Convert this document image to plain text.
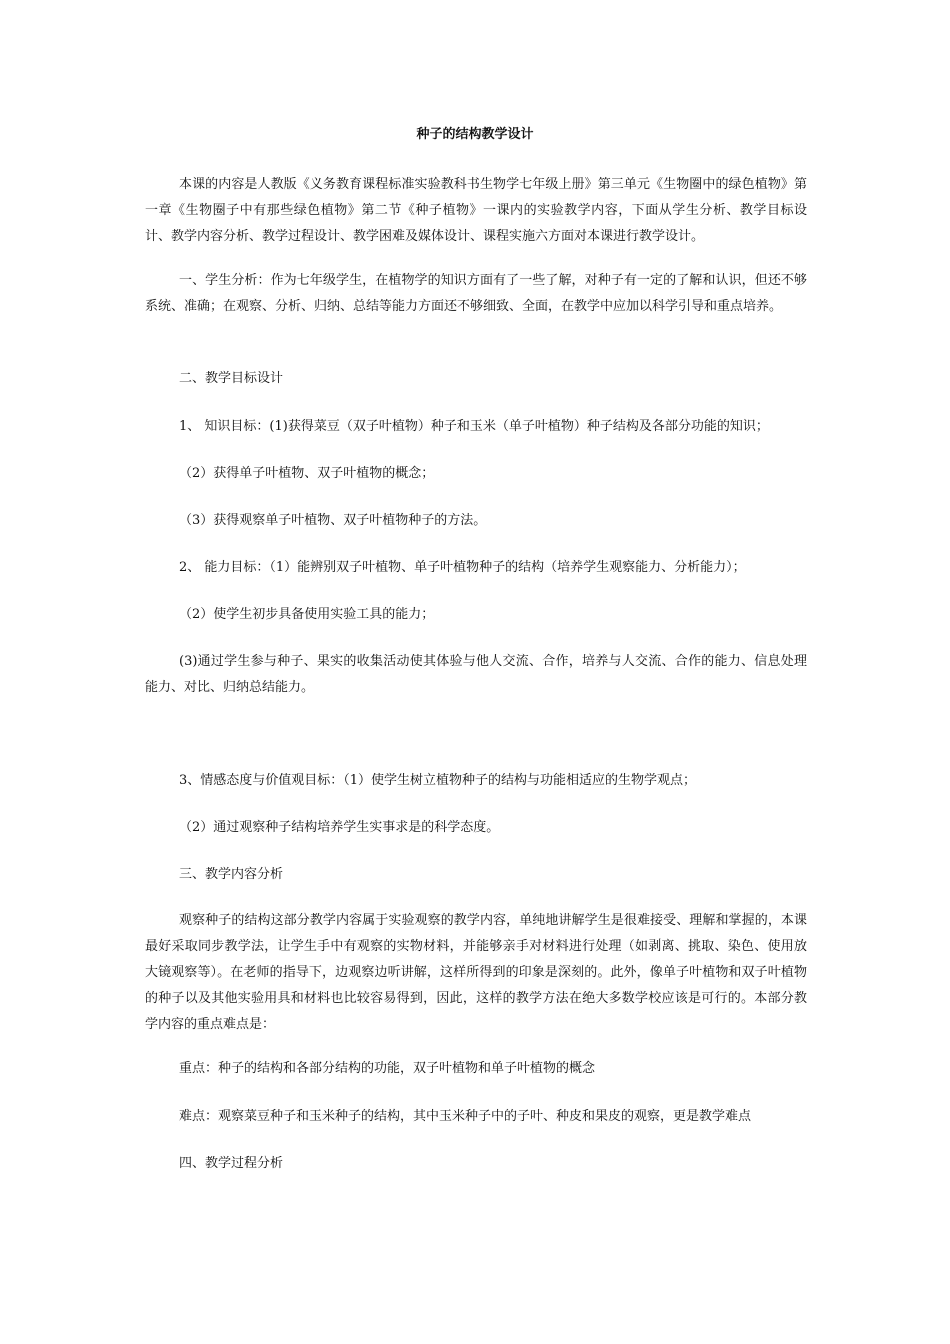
种子的结构教学设计

本课的内容是人教版《义务教育课程标准实验教科书生物学七年级上册》第三单元《生物圈中的绿色植物》第一章《生物圈子中有那些绿色植物》第二节《种子植物》一课内的实验教学内容，下面从学生分析、教学目标设计、教学内容分析、教学过程设计、教学困难及媒体设计、课程实施六方面对本课进行教学设计。

一、学生分析：作为七年级学生，在植物学的知识方面有了一些了解，对种子有一定的了解和认识，但还不够系统、准确；在观察、分析、归纳、总结等能力方面还不够细致、全面，在教学中应加以科学引导和重点培养。

二、教学目标设计

1、 知识目标：(1)获得菜豆（双子叶植物）种子和玉米（单子叶植物）种子结构及各部分功能的知识；

（2）获得单子叶植物、双子叶植物的概念；

（3）获得观察单子叶植物、双子叶植物种子的方法。

2、 能力目标：（1）能辨别双子叶植物、单子叶植物种子的结构（培养学生观察能力、分析能力）；

（2）使学生初步具备使用实验工具的能力；

(3)通过学生参与种子、果实的收集活动使其体验与他人交流、合作，培养与人交流、合作的能力、信息处理能力、对比、归纳总结能力。

3、情感态度与价值观目标：（1）使学生树立植物种子的结构与功能相适应的生物学观点；

（2）通过观察种子结构培养学生实事求是的科学态度。

三、教学内容分析

观察种子的结构这部分教学内容属于实验观察的教学内容，单纯地讲解学生是很难接受、理解和掌握的，本课最好采取同步教学法，让学生手中有观察的实物材料，并能够亲手对材料进行处理（如剥离、挑取、染色、使用放大镜观察等）。在老师的指导下，边观察边听讲解，这样所得到的印象是深刻的。此外，像单子叶植物和双子叶植物的种子以及其他实验用具和材料也比较容易得到，因此，这样的教学方法在绝大多数学校应该是可行的。本部分教学内容的重点难点是：

重点：种子的结构和各部分结构的功能，双子叶植物和单子叶植物的概念

难点：观察菜豆种子和玉米种子的结构，其中玉米种子中的子叶、种皮和果皮的观察，更是教学难点

四、教学过程分析
